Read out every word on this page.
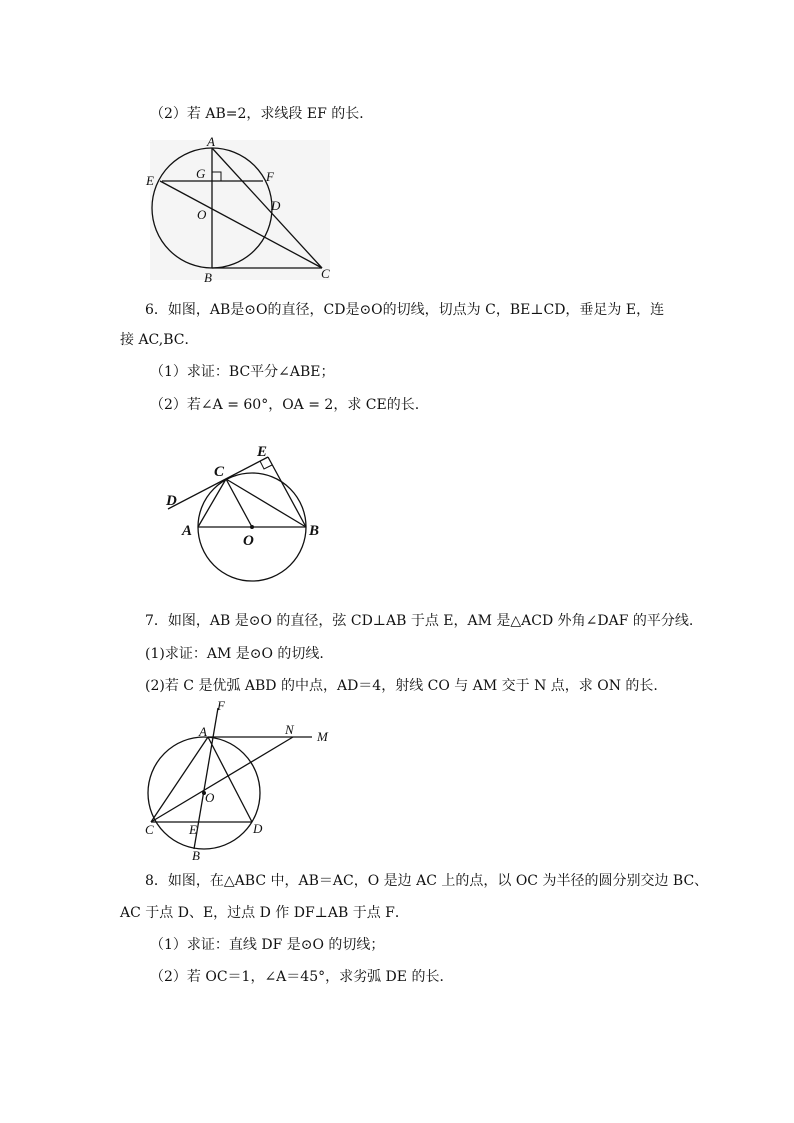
（2）若 AB=2，求线段 EF 的长．
A
E	G	F
O
D
B	C
6．如图，AB是⊙O的直径，CD是⊙O的切线，切点为 C，BE⊥CD，垂足为 E，连
接 AC,BC．
（1）求证：BC平分∠ABE；
（2）若∠A = 60°，OA = 2，求 CE的长.
E
C
D
A
O
B
7．如图，AB 是⊙O 的直径，弦 CD⊥AB 于点 E，AM 是△ACD 外角∠DAF 的平分线.
(1)求证：AM 是⊙O 的切线.
(2)若 C 是优弧 ABD 的中点，AD＝4，射线 CO 与 AM 交于 N 点，求 ON 的长.
F
A	N M
O
C	E	D
B
8．如图，在△ABC 中，AB＝AC，O 是边 AC 上的点，以 OC 为半径的圆分别交边 BC、
AC 于点 D、E，过点 D 作 DF⊥AB 于点 F．
（1）求证：直线 DF 是⊙O 的切线；
（2）若 OC＝1，∠A＝45°，求劣弧 DE 的长．
